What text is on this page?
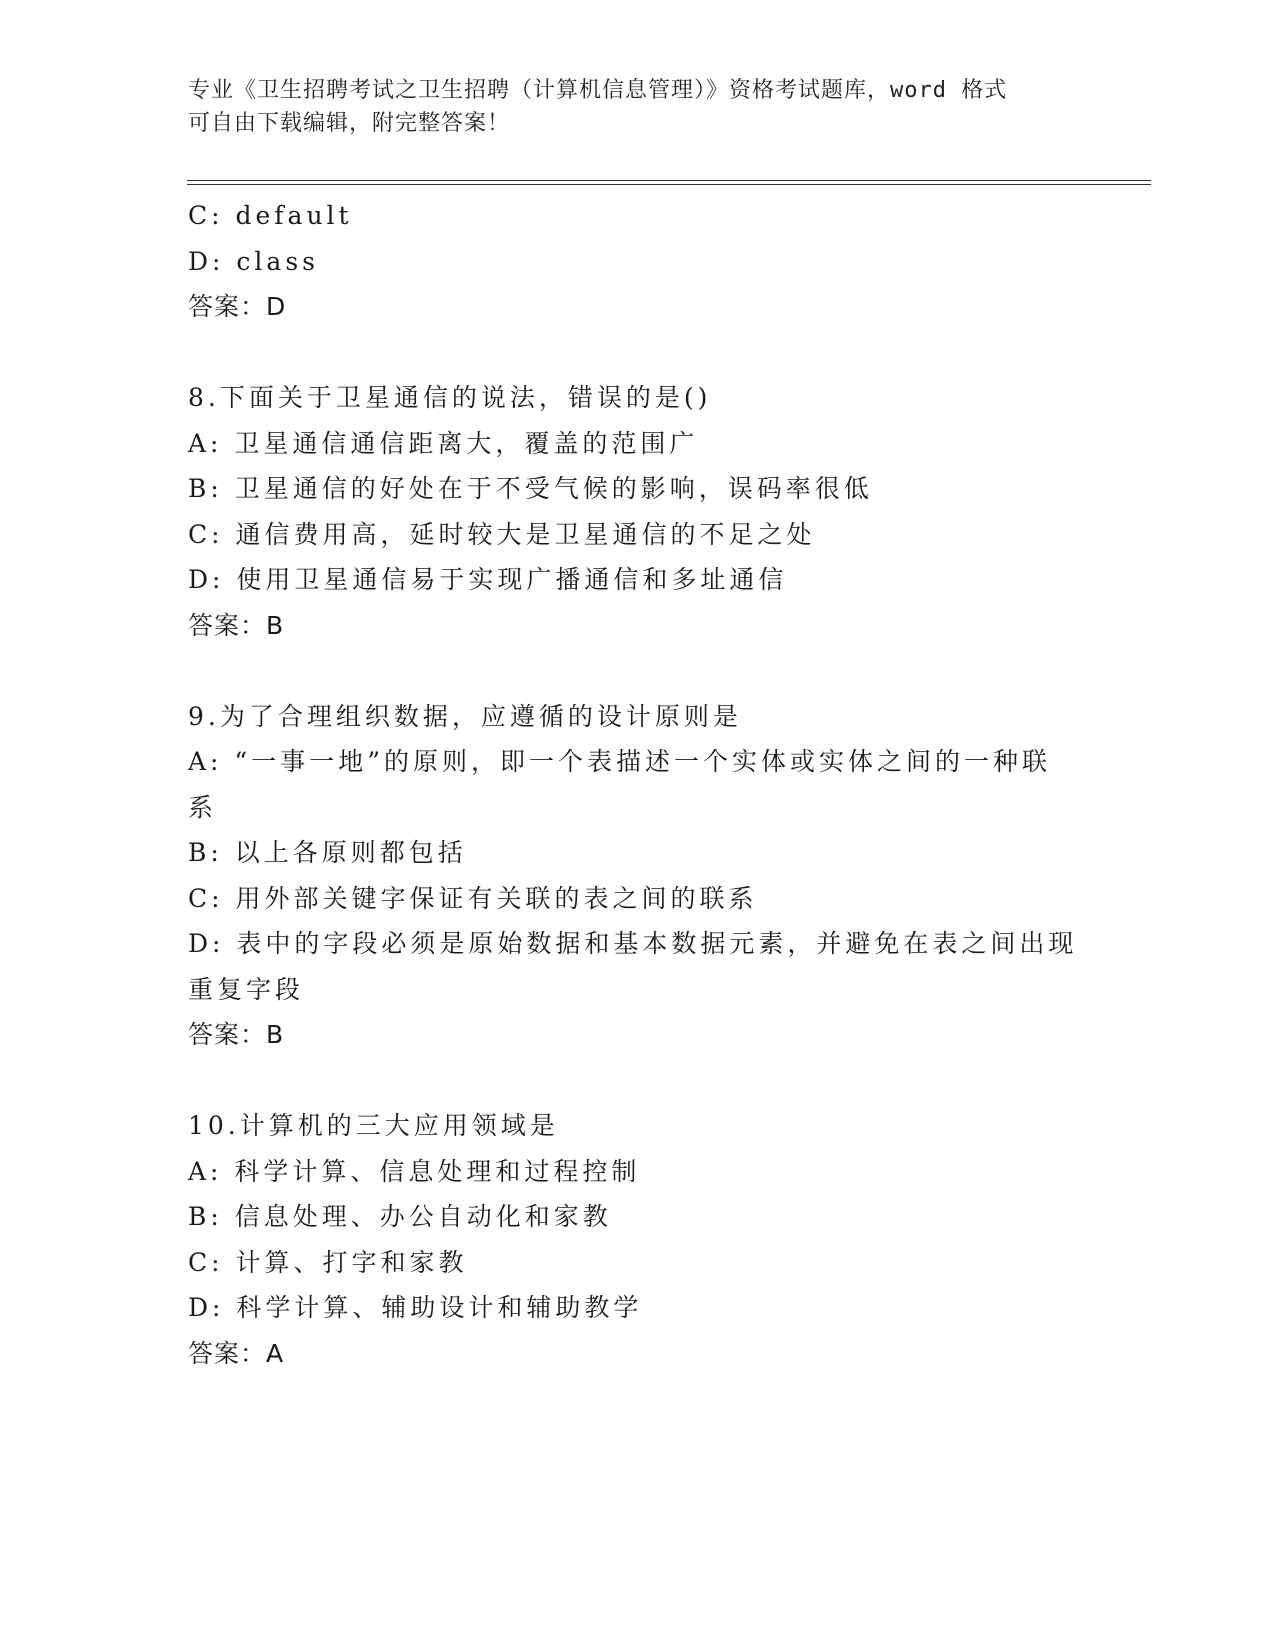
专业《卫生招聘考试之卫生招聘（计算机信息管理）》资格考试题库，word 格式
可自由下载编辑，附完整答案！
C: default
D: class
答案：D
8.下面关于卫星通信的说法，错误的是()
A: 卫星通信通信距离大，覆盖的范围广
B: 卫星通信的好处在于不受气候的影响，误码率很低
C: 通信费用高，延时较大是卫星通信的不足之处
D: 使用卫星通信易于实现广播通信和多址通信
答案：B
9.为了合理组织数据，应遵循的设计原则是
A: “一事一地”的原则，即一个表描述一个实体或实体之间的一种联
系
B: 以上各原则都包括
C: 用外部关键字保证有关联的表之间的联系
D: 表中的字段必须是原始数据和基本数据元素，并避免在表之间出现
重复字段
答案：B
10.计算机的三大应用领域是
A: 科学计算、信息处理和过程控制
B: 信息处理、办公自动化和家教
C: 计算、打字和家教
D: 科学计算、辅助设计和辅助教学
答案：A
